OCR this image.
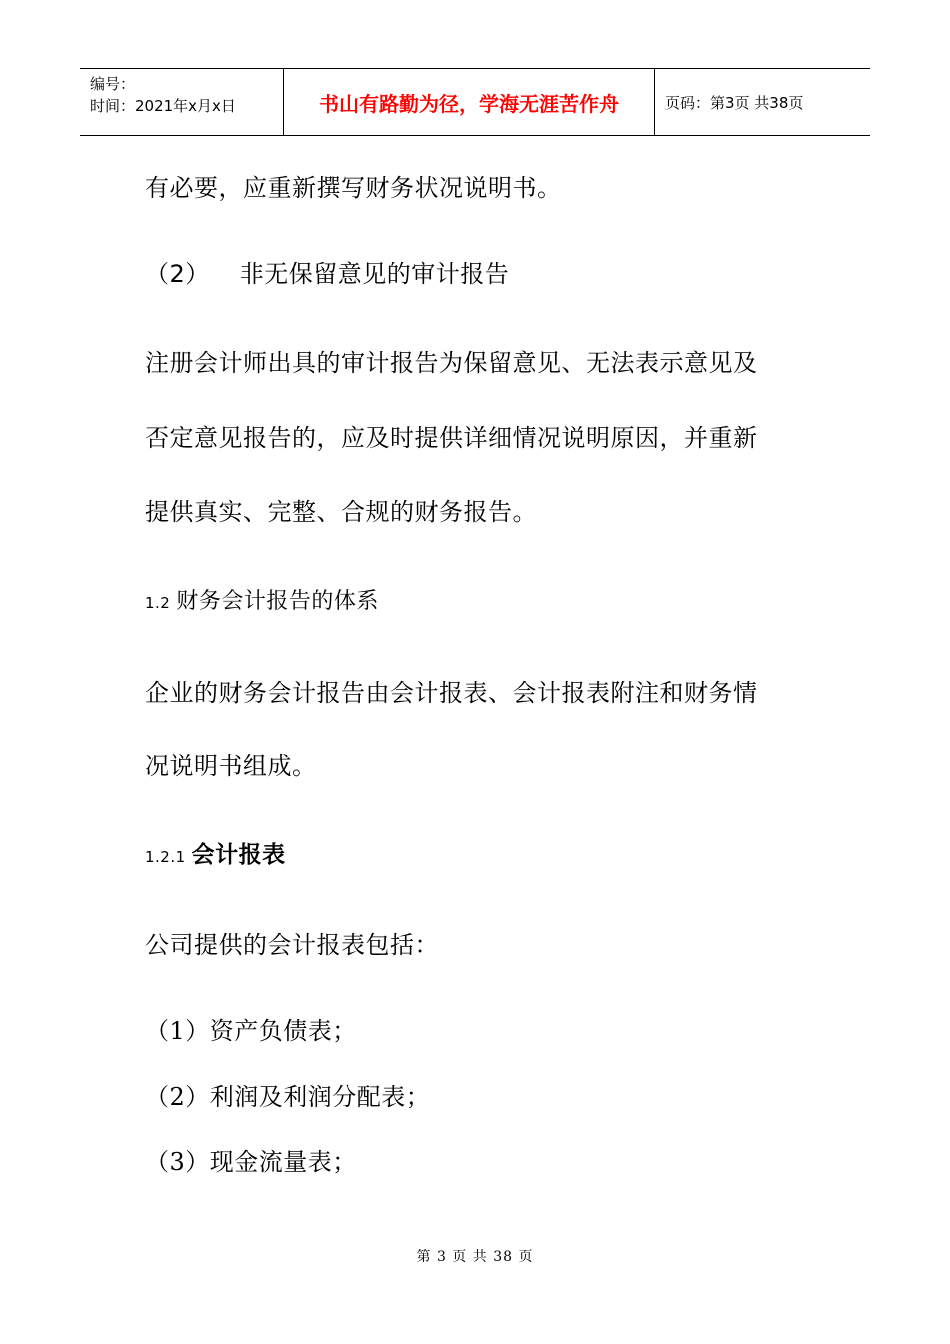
编号：
时间：2021年x月x日	书山有路勤为径，学海无涯苦作舟	页码：第3页 共38页
有必要，应重新撰写财务状况说明书。
（2） 非无保留意见的审计报告
注册会计师出具的审计报告为保留意见、无法表示意见及
否定意见报告的，应及时提供详细情况说明原因，并重新
提供真实、完整、合规的财务报告。
1.2 财务会计报告的体系
企业的财务会计报告由会计报表、会计报表附注和财务情
况说明书组成。
1.2.1 会计报表
公司提供的会计报表包括：
（1）资产负债表；
（2）利润及利润分配表；
（3）现金流量表；
第 3 页 共 38 页
